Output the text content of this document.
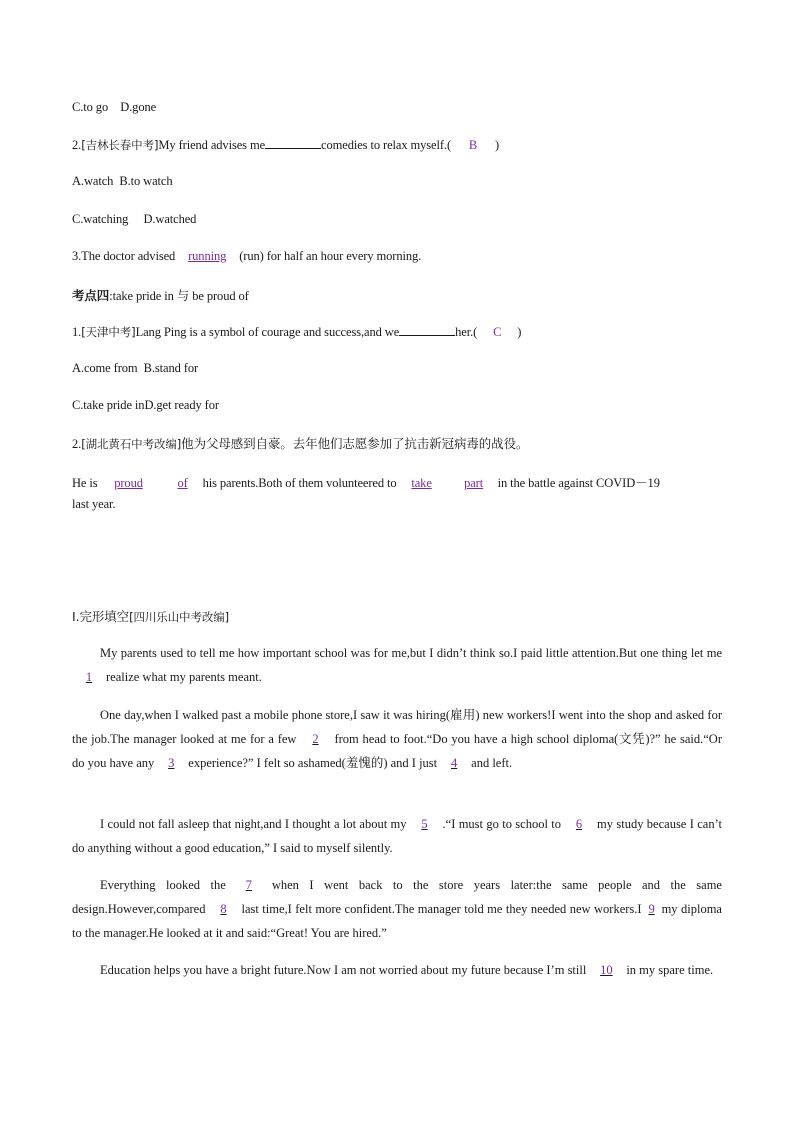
C.to go D.gone
2.[吉林长春中考]My friend advises me	comedies to relax myself.( B )
A.watch B.to watch
C.watching D.watched
3.The doctor advised running (run) for half an hour every morning.
考点四:take pride in 与 be proud of
1.[天津中考]Lang Ping is a symbol of courage and success,and we	her.( C )
A.come from B.stand for
C.take pride inD.get ready for
2.[湖北黄石中考改编]他为父母感到自豪。去年他们志愿参加了抗击新冠病毒的战役。
He is proud	of his parents.Both of them volunteered to take	part in the battle against COVID－19
last year.
Ⅰ.完形填空[四川乐山中考改编]
My parents used to tell me how important school was for me,but I didn’t think so.I paid little attention.But one thing let me1 realize what my parents meant.
One day,when I walked past a mobile phone store,I saw it was hiring(雇用) new workers!I went into the shop and asked for the job.The manager looked at me for a few 2 from head to foot.“Do you have a high school diploma(文凭)?” he said.“Or do you have any 3 experience?” I felt so ashamed(羞愧的) and I just 4 and left.
I could not fall asleep that night,and I thought a lot about my 5 .“I must go to school to 6 my study because I can’t do anything without a good education,” I said to myself silently.
Everything looked the 7 when I went back to the store years later:the same people and the same design.However,compared 8 last time,I felt more confident.The manager told me they needed new workers.I 9 my diploma to the manager.He looked at it and said:“Great! You are hired.”
Education helps you have a bright future.Now I am not worried about my future because I’m still 10 in my spare time.
